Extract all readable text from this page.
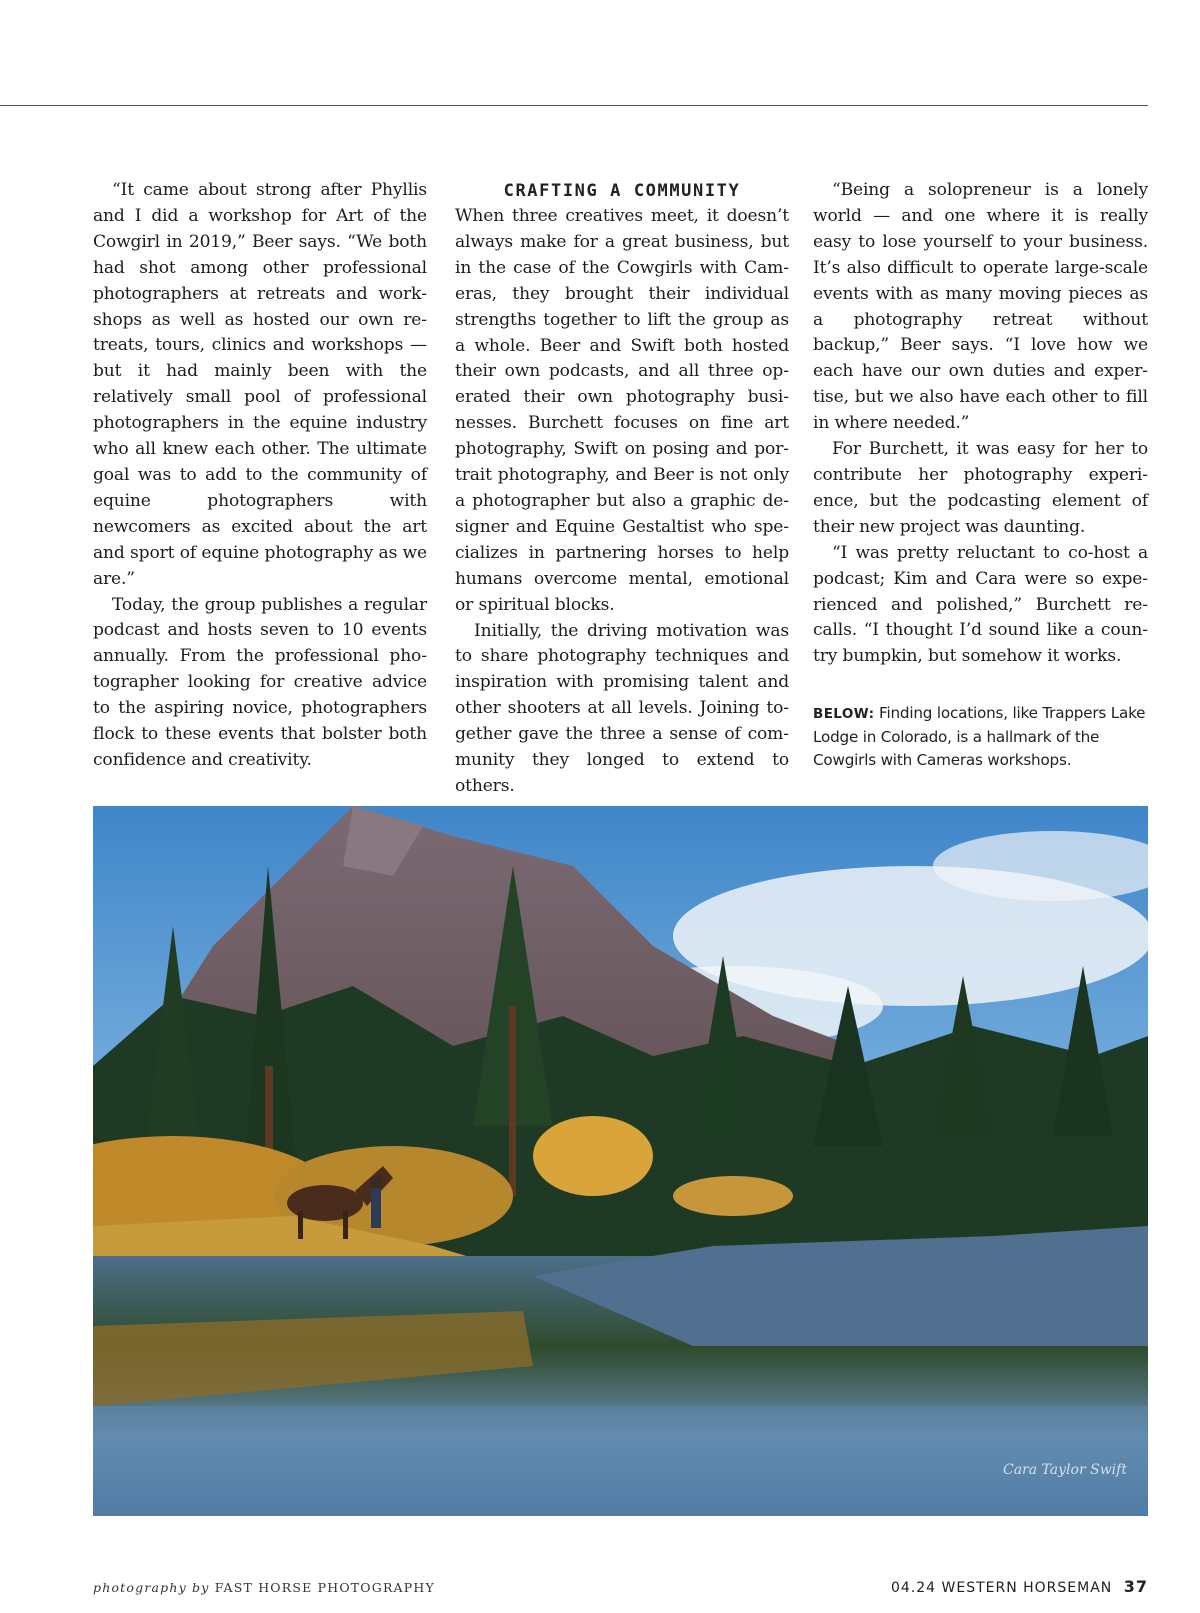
“It came about strong after Phyllis and I did a workshop for Art of the Cowgirl in 2019,” Beer says. “We both had shot among other professional photographers at retreats and workshops as well as hosted our own retreats, tours, clinics and workshops — but it had mainly been with the relatively small pool of professional photographers in the equine industry who all knew each other. The ultimate goal was to add to the community of equine photographers with newcomers as excited about the art and sport of equine photography as we are.”

Today, the group publishes a regular podcast and hosts seven to 10 events annually. From the professional photographer looking for creative advice to the aspiring novice, photographers flock to these events that bolster both confidence and creativity.

CRAFTING A COMMUNITY

When three creatives meet, it doesn’t always make for a great business, but in the case of the Cowgirls with Cameras, they brought their individual strengths together to lift the group as a whole. Beer and Swift both hosted their own podcasts, and all three operated their own photography businesses. Burchett focuses on fine art photography, Swift on posing and portrait photography, and Beer is not only a photographer but also a graphic designer and Equine Gestaltist who specializes in partnering horses to help humans overcome mental, emotional or spiritual blocks.

Initially, the driving motivation was to share photography techniques and inspiration with promising talent and other shooters at all levels. Joining together gave the three a sense of community they longed to extend to others.

“Being a solopreneur is a lonely world — and one where it is really easy to lose yourself to your business. It’s also difficult to operate large-scale events with as many moving pieces as a photography retreat without backup,” Beer says. “I love how we each have our own duties and expertise, but we also have each other to fill in where needed.”

For Burchett, it was easy for her to contribute her photography experience, but the podcasting element of their new project was daunting.

“I was pretty reluctant to co-host a podcast; Kim and Cara were so experienced and polished,” Burchett recalls. “I thought I’d sound like a country bumpkin, but somehow it works.

BELOW: Finding locations, like Trappers Lake Lodge in Colorado, is a hallmark of the Cowgirls with Cameras workshops.
Cara Taylor Swift
photography by FAST HORSE PHOTOGRAPHY	04.24 WESTERN HORSEMAN 37
